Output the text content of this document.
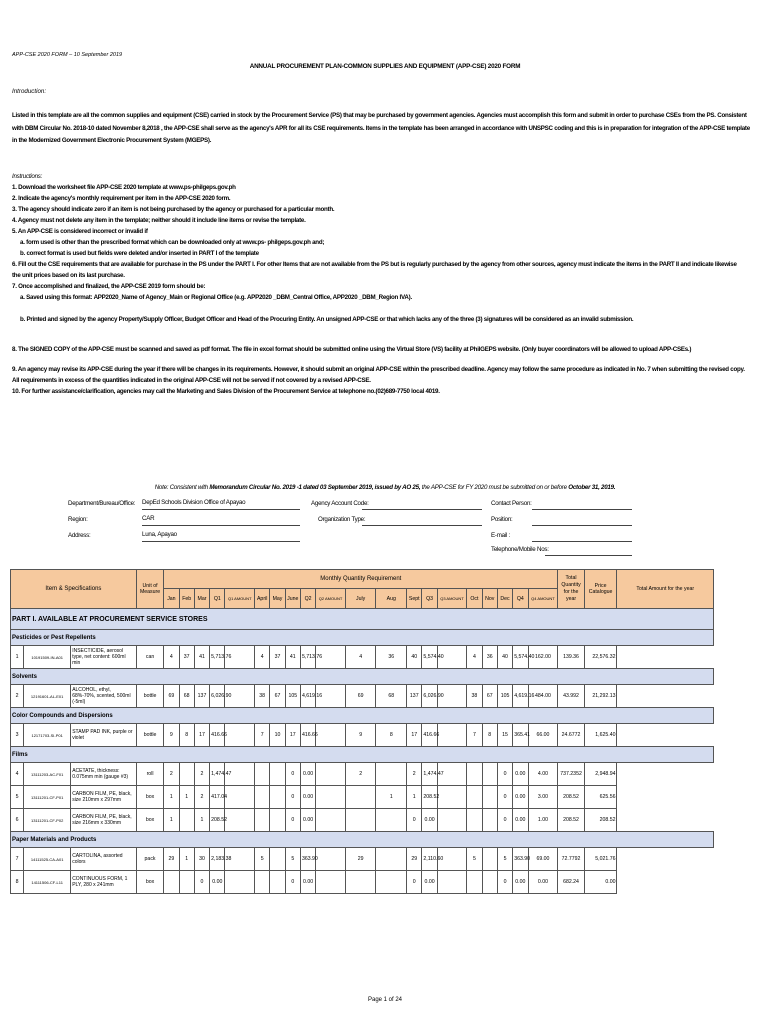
APP-CSE 2020 FORM – 10 September 2019
ANNUAL PROCUREMENT PLAN-COMMON SUPPLIES AND EQUIPMENT (APP-CSE) 2020 FORM
Introduction:
Listed in this template are all the common supplies and equipment (CSE) carried in stock by the Procurement Service (PS) that may be purchased by government agencies. Agencies must accomplish this form and submit in order to purchase CSEs from the PS. Consistent
with DBM Circular No. 2018-10 dated November 8,2018 , the APP-CSE shall serve as the agency's APR for all its CSE requirements. Items in the template has been arranged in accordance with UNSPSC coding and this is in preparation for integration of the APP-CSE template
in the Modernized Government Electronic Procurement System (MGEPS).
Instructions:
1. Download the worksheet file APP-CSE 2020 template at www.ps-philgeps.gov.ph
2. Indicate the agency's monthly requirement per item in the APP-CSE 2020 form.
3. The agency should indicate zero if an item is not being purchased by the agency or purchased for a particular month.
4. Agency must not delete any item in the template; neither should it include line items or revise the template.
5. An APP-CSE is considered incorrect or invalid if
a. form used is other than the prescribed format which can be downloaded only at www.ps- philgeps.gov.ph and;
b. correct format is used but fields were deleted and/or inserted in PART I of the template
6. Fill out the CSE requirements that are available for purchase in the PS under the PART I. For other Items that are not available from the PS but is regularly purchased by the agency from other sources, agency must indicate the items in the PART II and indicate likewise
the unit prices based on its last purchase.
7. Once accomplished and finalized, the APP-CSE 2019 form should be:
a. Saved using this format: APP2020_Name of Agency_Main or Regional Office (e.g. APP2020 _DBM_Central Office, APP2020 _DBM_Region IVA).
b. Printed and signed by the agency Property/Supply Officer, Budget Officer and Head of the Procuring Entity. An unsigned APP-CSE or that which lacks any of the three (3) signatures will be considered as an invalid submission.
8. The SIGNED COPY of the APP-CSE must be scanned and saved as pdf format. The file in excel format should be submitted online using the Virtual Store (VS) facility at PhilGEPS website. (Only buyer coordinators will be allowed to upload APP-CSEs.)
9. An agency may revise its APP-CSE during the year if there will be changes in its requirements. However, it should submit an original APP-CSE within the prescribed deadline. Agency may follow the same procedure as indicated in No. 7 when submitting the revised copy.
All requirements in excess of the quantities indicated in the original APP-CSE will not be served if not covered by a revised APP-CSE.
10. For further assistance/clarification, agencies may call the Marketing and Sales Division of the Procurement Service at telephone no.(02)689-7750 local 4019.
Note: Consistent with Memorandum Circular No. 2019 -1 dated 03 September 2019, issued by AO 25, the APP-CSE for FY 2020 must be submitted on or before October 31, 2019.
Department/Bureau/Office: DepEd Schools Division Office of Apayao
Region:	CAR
Address:	Luna, Apayao
Agency Account Code:
Organization Type:
Contact Person:
Position:
E-mail :
Telephone/Mobile Nos:
Item & Specifications			Unit of Measure	Monthly Quantity Requirement																				Total Quantity for the year	Price Catalogue	Total Amount for the year
				Jan	Feb	Mar	Q1	Q1 AMOUNT	April	May	June	Q2	Q2 AMOUNT	July	Aug	Sept	Q3	Q3 AMOUNT	Oct	Nov	Dec	Q4	Q4 AMOUNT			
PART I. AVAILABLE AT PROCUREMENT SERVICE STORES																										
Pesticides or Pest Repellents																										
1	10191509-IN-A01	INSECTICIDE, aerosol type, net content: 600ml min	can	4	37	41	5,713.76		4	37	41	5,713.76		4	36	40	5,574.40		4	36	40	5,574.40	162.00	139.36	22,576.32	
Solvents																										
2	12191601-AL-E01	ALCOHOL, ethyl, 68%-70%, scented, 500ml (-5ml)	bottle	69	68	137	6,026.90		38	67	105	4,619.16		69	68	137	6,026.90		38	67	105	4,619.16	484.00	43.992	21,292.13	
Color Compounds and Dispersions																										
3	12171703-SI-P01	STAMP PAD INK, purple or violet	bottle	9	8	17	416.66		7	10	17	416.66		9	8	17	416.66		7	8	15	365.41	66.00	24.6772	1,625.40	
Films																										
4	13111203-AC-F01	ACETATE, thickness: 0.075mm min (gauge #3)	roll	2		2	1,474.47				0	0.00		2		2	1,474.47				0	0.00	4.00	737.2352	2,948.94	
5	13111201-CF-P01	CARBON FILM, PE, black, size 210mm x 297mm	box	1	1	2	417.04				0	0.00			1	1	208.52				0	0.00	3.00	208.52	625.56	
6	13111201-CF-P02	CARBON FILM, PE, black, size 216mm x 330mm	box	1		1	208.52				0	0.00				0	0.00				0	0.00	1.00	208.52	208.52	
Paper Materials and Products																										
7	14111525-CA-A01	CARTOLINA, assorted colors	pack	29	1	30	2,183.38		5		5	363.90		29		29	2,110.60		5		5	363.90	69.00	72.7792	5,021.76	
8	14111506-CF-L11	CONTINUOUS FORM, 1 PLY, 280 x 241mm	box			0	0.00				0	0.00				0	0.00				0	0.00	0.00	682.24	0.00	
Page 1 of 24
